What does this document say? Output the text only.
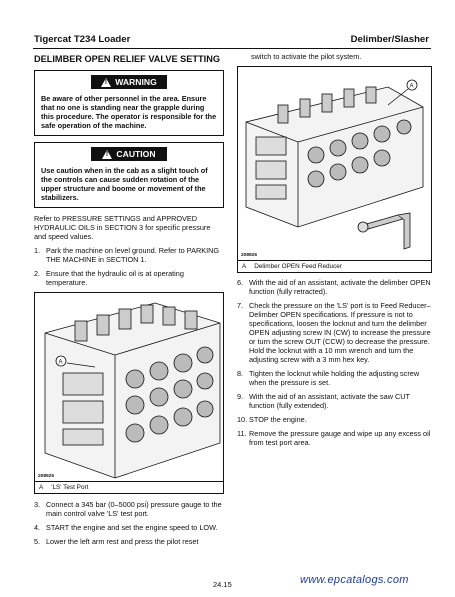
Tigercat T234 Loader	Delimber/Slasher
DELIMBER OPEN RELIEF VALVE SETTING
! WARNING

Be aware of other personnel in the area. Ensure that no one is standing near the grapple during this procedure. The operator is responsible for the safe operation of the machine.

! CAUTION

Use caution when in the cab as a slight touch of the controls can cause sudden rotation of the upper structure and boome or movement of the stabilizers.

Refer to PRESSURE SETTINGS and APPROVED HYDRAULIC OILS in SECTION 3 for specific pressure and speed values.

1. Park the machine on level ground. Refer to PARKING THE MACHINE in SECTION 1.
2. Ensure that the hydraulic oil is at operating temperature.
A
208925
A 'LS' Test Port
3. Connect a 345 bar (0–5000 psi) pressure gauge to the main control valve 'LS' test port.
4. START the engine and set the engine speed to LOW.
5. Lower the left arm rest and press the pilot reset

switch to activate the pilot system.

A
208926
A Delimber OPEN Feed Reducer
6. With the aid of an assistant, activate the delimber OPEN function (fully retracted).
7. Check the pressure on the 'LS' port is to Feed Reducer–Delimber OPEN specifications. If pressure is not to specifications, loosen the locknut and turn the delimber OPEN adjusting screw IN (CW) to increase the pressure or turn the screw OUT (CCW) to decrease the pressure. Hold the locknut with a 10 mm wrench and turn the adjusting screw with a 3 mm hex key.
8. Tighten the locknut while holding the adjusting screw when the pressure is set.
9. With the aid of an assistant, activate the saw CUT function (fully extended).
10. STOP the engine.
11. Remove the pressure gauge and wipe up any excess oil from test port area.
24.15	www.epcatalogs.com
